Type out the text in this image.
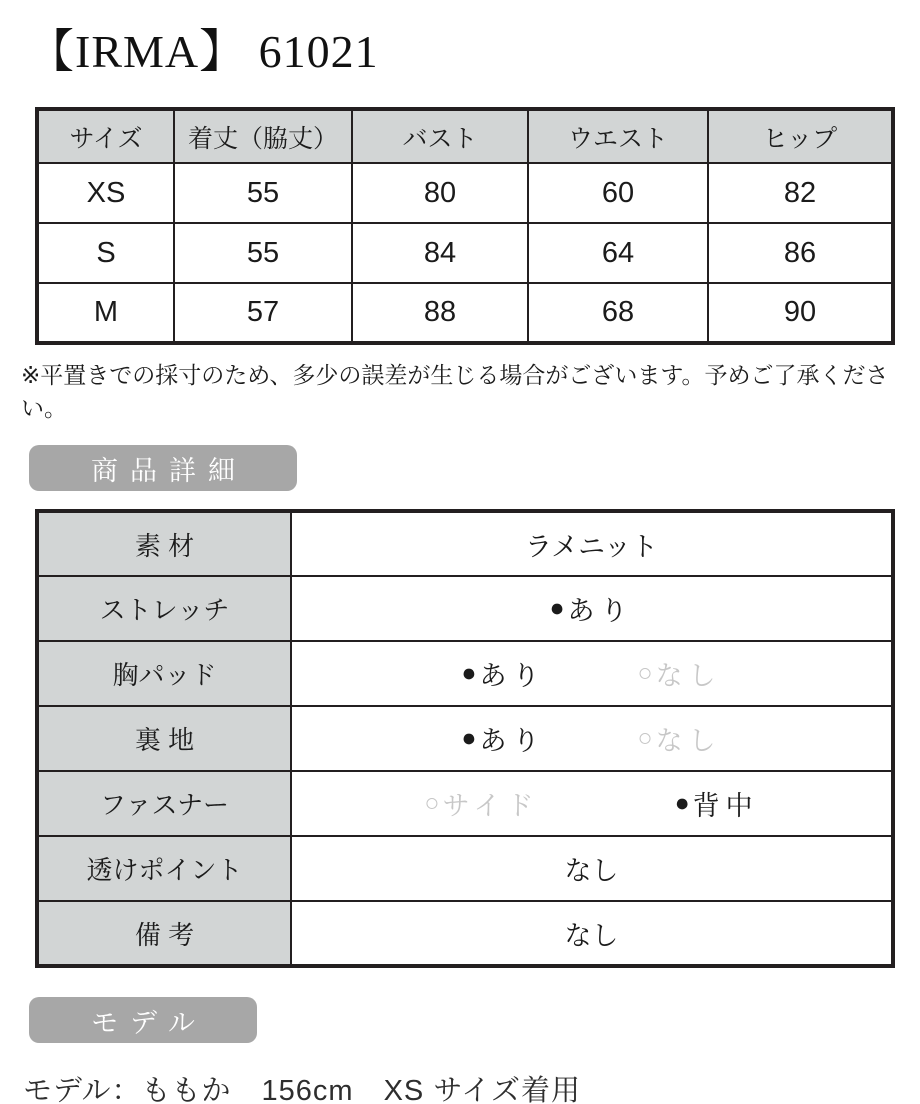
【IRMA】 61021
サイズ	着丈（脇丈）	バスト	ウエスト	ヒップ
XS	55	80	60	82
S	55	84	64	86
M	57	88	68	90
※平置きでの採寸のため、多少の誤差が生じる場合がございます。予めご了承ください。
商品詳細
素 材	ラメニット
ストレッチ	● あり

胸パッド	● あり ○ なし

裏 地	● あり ○ なし

ファスナー	○ サイド ● 背中

透けポイント	なし
備 考	なし
モデル
モデル：ももか　156cm　XS サイズ着用
